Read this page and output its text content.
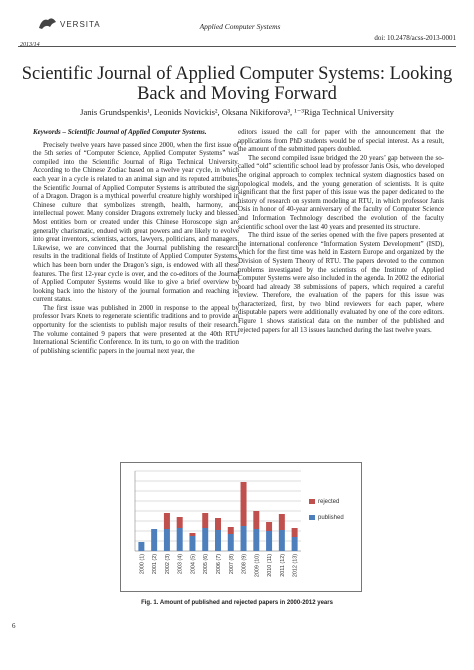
VERSITA	Applied Computer Systems
doi: 10.2478/acss-2013-0001
2013/14
Scientific Journal of Applied Computer Systems: Looking Back and Moving Forward
Janis Grundspenkis¹, Leonids Novickis², Oksana Nikiforova³, ¹⁻³Riga Technical University

Keywords – Scientific Journal of Applied Computer Systems.

Precisely twelve years have passed since 2000, when the first issue of the 5th series of “Computer Science, Applied Computer Systems” was compiled into the Scientific Journal of Riga Technical University. According to the Chinese Zodiac based on a twelve year cycle, in which each year in a cycle is related to an animal sign and its reputed attributes, the Scientific Journal of Applied Computer Systems is attributed the sign of a Dragon. Dragon is a mythical powerful creature highly worshiped in Chinese culture that symbolizes strength, health, harmony, and intellectual power. Many consider Dragons extremely lucky and blessed. Most entities born or created under this Chinese Horoscope sign are generally charismatic, endued with great powers and are likely to evolve into great inventors, scientists, actors, lawyers, politicians, and managers. Likewise, we are convinced that the Journal publishing the research results in the traditional fields of Institute of Applied Computer Systems, which has been born under the Dragon’s sign, is endowed with all these features. The first 12-year cycle is over, and the co-editors of the Journal of Applied Computer Systems would like to give a brief overview by looking back into the history of the journal formation and reaching its current status.

The first issue was published in 2000 in response to the appeal by professor Ivars Knets to regenerate scientific traditions and to provide an opportunity for the scientists to publish major results of their research. The volume contained 9 papers that were presented at the 40th RTU International Scientific Conference. In its turn, to go on with the tradition of publishing scientific papers in the journal next year, the

editors issued the call for paper with the announcement that the applications from PhD students would be of special interest. As a result, the amount of the submitted papers doubled.

The second compiled issue bridged the 20 years’ gap between the so-called “old” scientific school lead by professor Janis Osis, who developed the original approach to complex technical system diagnostics based on topological models, and the young generation of scientists. It is quite significant that the first paper of this issue was the paper dedicated to the history of research on system modeling at RTU, in which professor Janis Osis in honor of 40-year anniversary of the faculty of Computer Science and Information Technology described the evolution of the faculty scientific school over the last 40 years and presented its structure.

The third issue of the series opened with the five papers presented at the international conference “Information System Development” (ISD), which for the first time was held in Eastern Europe and organized by the Division of System Theory of RTU. The papers devoted to the common problems investigated by the scientists of the Institute of Applied Computer Systems were also included in the agenda. In 2002 the editorial board had already 38 submissions of papers, which required a careful review. Therefore, the evaluation of the papers for this issue was characterized, first, by two blind reviewers for each paper, where disputable papers were additionally evaluated by one of the core editors. Figure 1 shows statistical data on the number of the published and rejected papers for all 13 issues launched during the last twelve years.

2000 (1) 2001 (2) 2002 (3) 2003 (4) 2004 (5) 2005 (6) 2006 (7) 2007 (8) 2008 (9) 2009 (10) 2010 (11) 2011 (12) 2012 (13)
rejected
published
Fig. 1. Amount of published and rejected papers in 2000-2012 years
6
